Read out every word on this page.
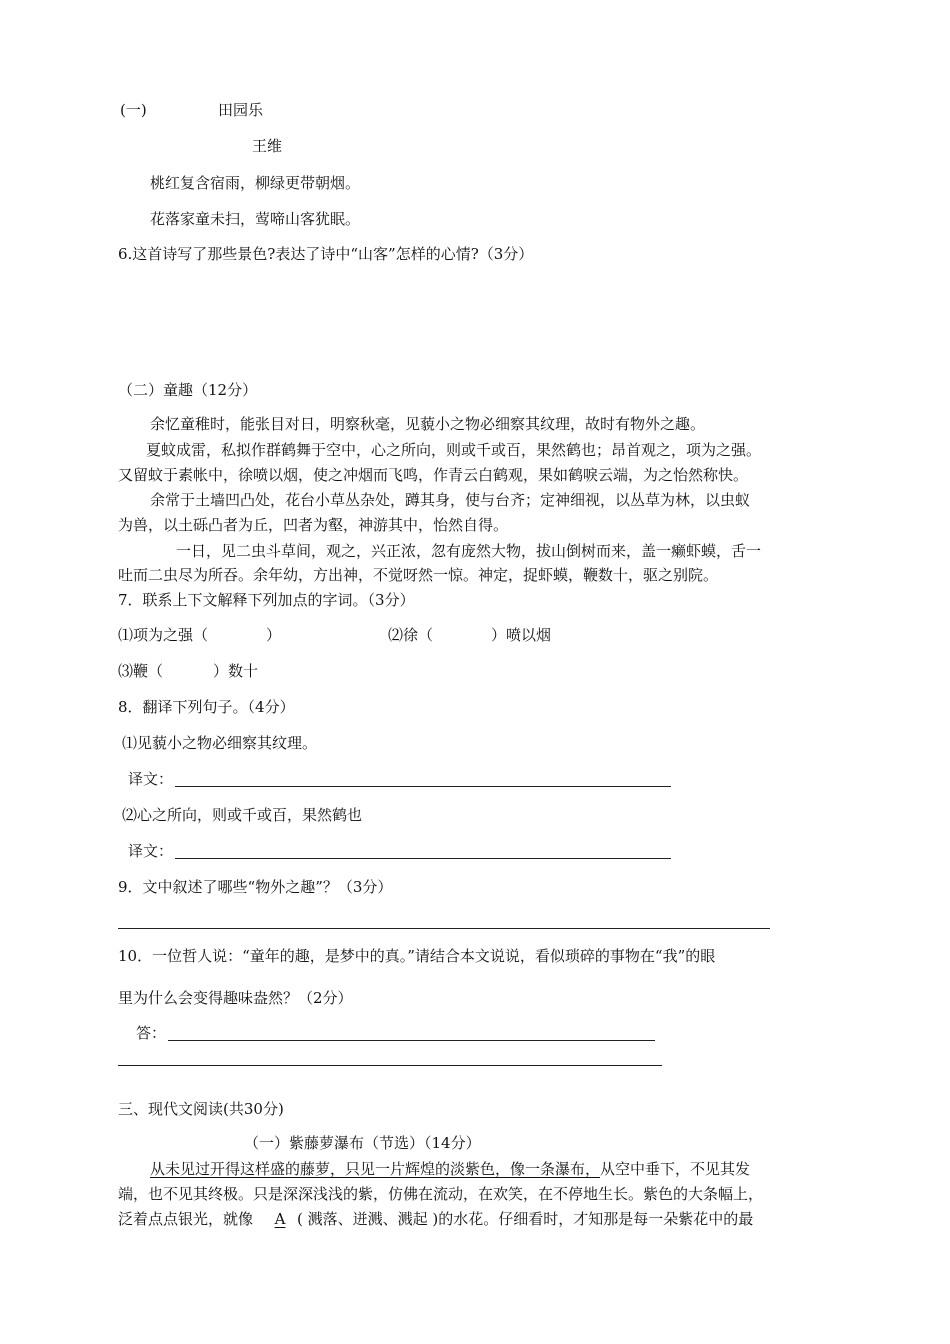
(一)	田园乐
王维
桃红复含宿雨，柳绿更带朝烟。
花落家童未扫，莺啼山客犹眠。
6.这首诗写了那些景色?表达了诗中“山客”怎样的心情?（3分）
（二）童趣（12分）
余忆童稚时，能张目对日，明察秋毫，见藐小之物必细察其纹理，故时有物外之趣。
夏蚊成雷，私拟作群鹤舞于空中，心之所向，则或千或百，果然鹤也；昂首观之，项为之强。
又留蚊于素帐中，徐喷以烟，使之冲烟而飞鸣，作青云白鹤观，果如鹤唳云端，为之怡然称快。
余常于土墙凹凸处，花台小草丛杂处，蹲其身，使与台齐；定神细视，以丛草为林，以虫蚁
为兽，以土砾凸者为丘，凹者为壑，神游其中，怡然自得。
一日，见二虫斗草间，观之，兴正浓，忽有庞然大物，拔山倒树而来，盖一癞虾蟆，舌一
吐而二虫尽为所吞。余年幼，方出神，不觉呀然一惊。神定，捉虾蟆，鞭数十，驱之别院。
7．联系上下文解释下列加点的字词。（3分）
⑴项为之强（	）	⑵徐（	）喷以烟
⑶鞭（	）数十
8．翻译下列句子。（4分）
⑴见藐小之物必细察其纹理。
译文：
⑵心之所向，则或千或百，果然鹤也
译文：
9．文中叙述了哪些“物外之趣”？（3分）
10．一位哲人说：“童年的趣，是梦中的真。”请结合本文说说，看似琐碎的事物在“我”的眼
里为什么会变得趣味盎然？（2分）
答：
三、现代文阅读(共30分)
（一）紫藤萝瀑布（节选）（14分）
从未见过开得这样盛的藤萝，只见一片辉煌的淡紫色，像一条瀑布，从空中垂下，不见其发
端，也不见其终极。只是深深浅浅的紫，仿佛在流动，在欢笑，在不停地生长。紫色的大条幅上，
泛着点点银光，就像 A ( 溅落、迸溅、溅起 )的水花。仔细看时，才知那是每一朵紫花中的最
